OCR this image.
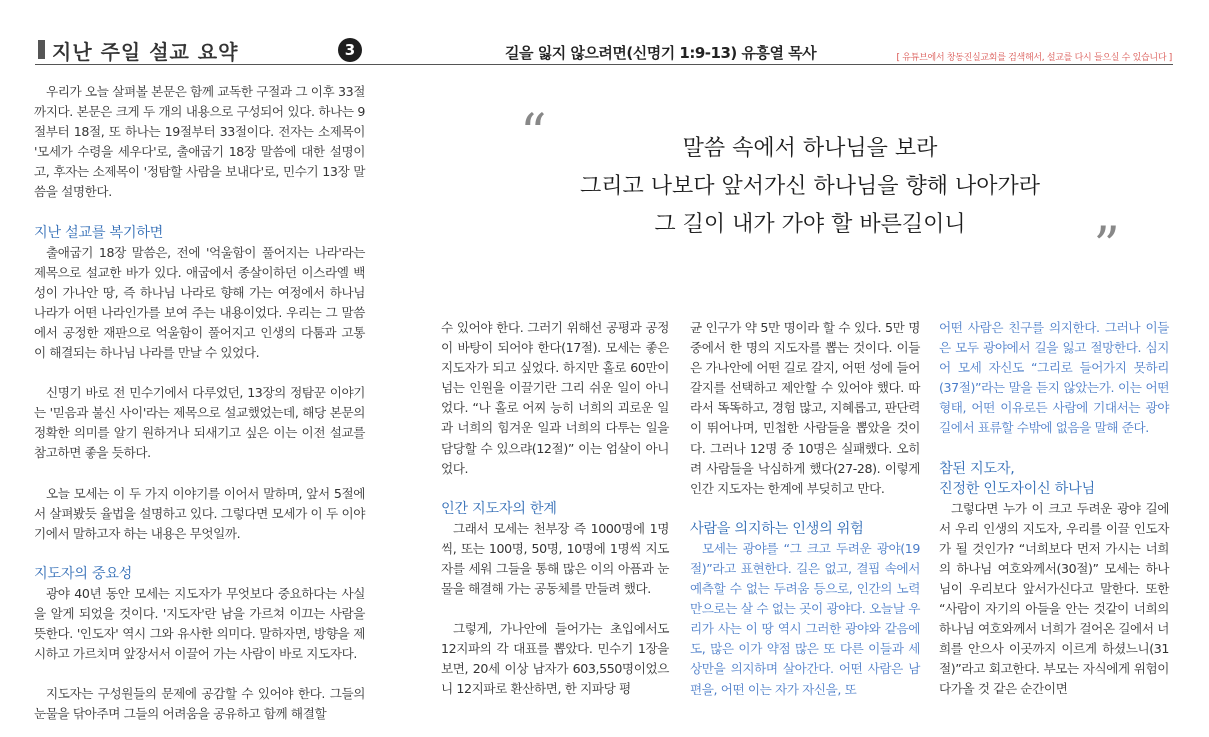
지난 주일 설교 요약	3	길을 잃지 않으려면(신명기 1:9-13) 유흥열 목사	[ 유튜브에서 창동진실교회를 검색해서, 설교를 다시 들으실 수 있습니다 ]
“	말씀 속에서 하나님을 보라
그리고 나보다 앞서가신 하나님을 향해 나아가라
그 길이 내가 가야 할 바른길이니	”

우리가 오늘 살펴볼 본문은 함께 교독한 구절과 그 이후 33절까지다. 본문은 크게 두 개의 내용으로 구성되어 있다. 하나는 9절부터 18절, 또 하나는 19절부터 33절이다. 전자는 소제목이 '모세가 수령을 세우다'로, 출애굽기 18장 말씀에 대한 설명이고, 후자는 소제목이 '정탐할 사람을 보내다'로, 민수기 13장 말씀을 설명한다.

지난 설교를 복기하면

출애굽기 18장 말씀은, 전에 '억울함이 풀어지는 나라'라는 제목으로 설교한 바가 있다. 애굽에서 종살이하던 이스라엘 백성이 가나안 땅, 즉 하나님 나라로 향해 가는 여정에서 하나님 나라가 어떤 나라인가를 보여 주는 내용이었다. 우리는 그 말씀에서 공정한 재판으로 억울함이 풀어지고 인생의 다툼과 고통이 해결되는 하나님 나라를 만날 수 있었다.

신명기 바로 전 민수기에서 다루었던, 13장의 정탐꾼 이야기는 '믿음과 불신 사이'라는 제목으로 설교했었는데, 해당 본문의 정확한 의미를 알기 원하거나 되새기고 싶은 이는 이전 설교를 참고하면 좋을 듯하다.

오늘 모세는 이 두 가지 이야기를 이어서 말하며, 앞서 5절에서 살펴봤듯 율법을 설명하고 있다. 그렇다면 모세가 이 두 이야기에서 말하고자 하는 내용은 무엇일까.

지도자의 중요성

광야 40년 동안 모세는 지도자가 무엇보다 중요하다는 사실을 알게 되었을 것이다. '지도자'란 남을 가르쳐 이끄는 사람을 뜻한다. '인도자' 역시 그와 유사한 의미다. 말하자면, 방향을 제시하고 가르치며 앞장서서 이끌어 가는 사람이 바로 지도자다.

지도자는 구성원들의 문제에 공감할 수 있어야 한다. 그들의 눈물을 닦아주며 그들의 어려움을 공유하고 함께 해결할

수 있어야 한다. 그러기 위해선 공평과 공정이 바탕이 되어야 한다(17절). 모세는 좋은 지도자가 되고 싶었다. 하지만 홀로 60만이 넘는 인원을 이끌기란 그리 쉬운 일이 아니었다. “나 홀로 어찌 능히 너희의 괴로운 일과 너희의 힘겨운 일과 너희의 다투는 일을 담당할 수 있으랴(12절)” 이는 엄살이 아니었다.

인간 지도자의 한계

그래서 모세는 천부장 즉 1000명에 1명씩, 또는 100명, 50명, 10명에 1명씩 지도자를 세워 그들을 통해 많은 이의 아픔과 눈물을 해결해 가는 공동체를 만들려 했다.

그렇게, 가나안에 들어가는 초입에서도 12지파의 각 대표를 뽑았다. 민수기 1장을 보면, 20세 이상 남자가 603,550명이었으니 12지파로 환산하면, 한 지파당 평

균 인구가 약 5만 명이라 할 수 있다. 5만 명 중에서 한 명의 지도자를 뽑는 것이다. 이들은 가나안에 어떤 길로 갈지, 어떤 성에 들어갈지를 선택하고 제안할 수 있어야 했다. 따라서 똑똑하고, 경험 많고, 지혜롭고, 판단력이 뛰어나며, 민첩한 사람들을 뽑았을 것이다. 그러나 12명 중 10명은 실패했다. 오히려 사람들을 낙심하게 했다(27-28). 이렇게 인간 지도자는 한계에 부딪히고 만다.

사람을 의지하는 인생의 위험

모세는 광야를 “그 크고 두려운 광야(19절)”라고 표현한다. 길은 없고, 결핍 속에서 예측할 수 없는 두려움 등으로, 인간의 노력만으로는 살 수 없는 곳이 광야다. 오늘날 우리가 사는 이 땅 역시 그러한 광야와 같음에도, 많은 이가 약점 많은 또 다른 이들과 세상만을 의지하며 살아간다. 어떤 사람은 남편을, 어떤 이는 자가 자신을, 또

어떤 사람은 친구를 의지한다. 그러나 이들은 모두 광야에서 길을 잃고 절망한다. 심지어 모세 자신도 “그리로 들어가지 못하리(37절)”라는 말을 듣지 않았는가. 이는 어떤 형태, 어떤 이유로든 사람에 기대서는 광야길에서 표류할 수밖에 없음을 말해 준다.

참된 지도자,
진정한 인도자이신 하나님

그렇다면 누가 이 크고 두려운 광야 길에서 우리 인생의 지도자, 우리를 이끌 인도자가 될 것인가? “너희보다 먼저 가시는 너희의 하나님 여호와께서(30절)” 모세는 하나님이 우리보다 앞서가신다고 말한다. 또한 “사람이 자기의 아들을 안는 것같이 너희의 하나님 여호와께서 너희가 걸어온 길에서 너희를 안으사 이곳까지 이르게 하셨느니(31절)”라고 회고한다. 부모는 자식에게 위험이 다가올 것 같은 순간이면
